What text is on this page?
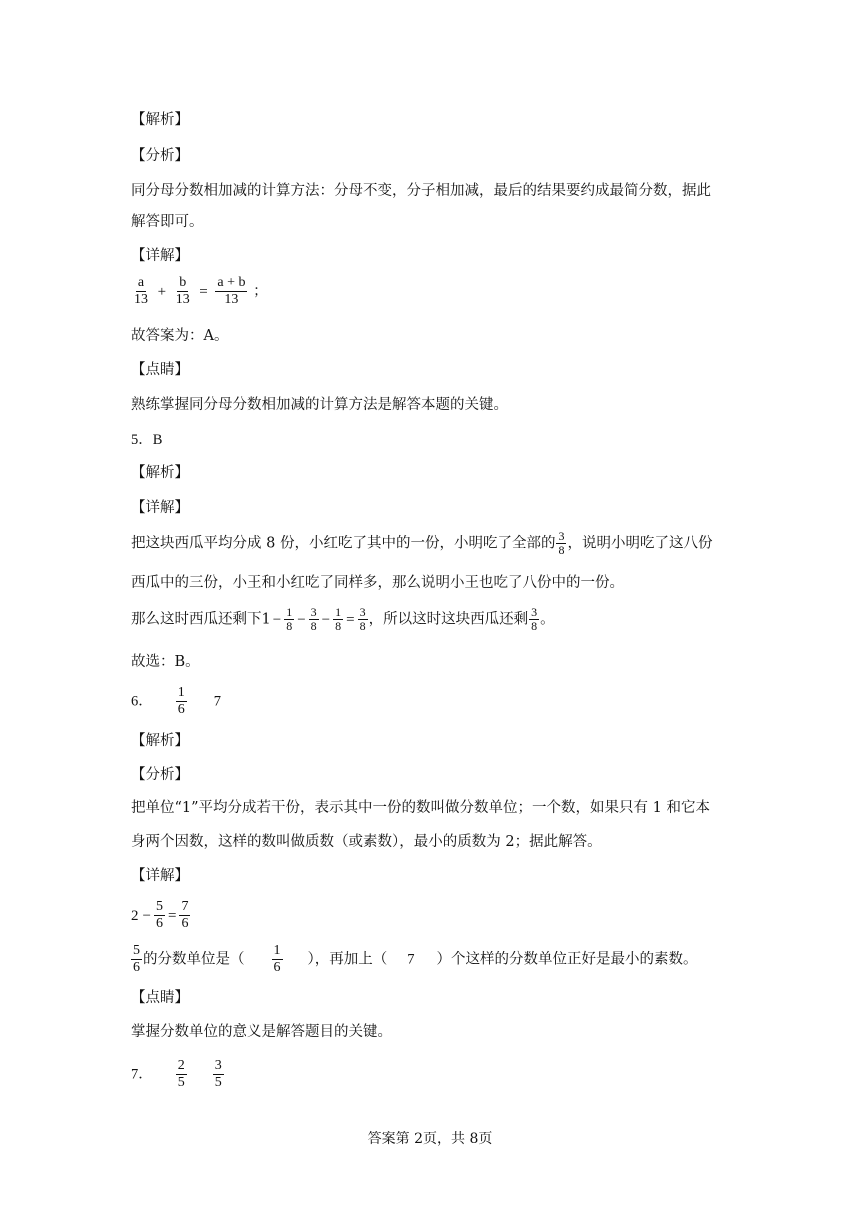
【解析】
【分析】
同分母分数相加减的计算方法：分母不变，分子相加减，最后的结果要约成最简分数，据此
解答即可。
【详解】
$\frac{a}{13} + \frac{b}{13} = \frac{a + b}{13}$ ；
故答案为：A。
【点睛】
熟练掌握同分母分数相加减的计算方法是解答本题的关键。
5．B
【解析】
【详解】
把这块西瓜平均分成 8 份，小红吃了其中的一份，小明吃了全部的 $\frac{3}{8}$ ，说明小明吃了这八份
西瓜中的三份，小王和小红吃了同样多，那么说明小王也吃了八份中的一份。
那么这时西瓜还剩下$1 - \frac{1}{8} - \frac{3}{8} - \frac{1}{8} = \frac{3}{8}$ ，所以这时这块西瓜还剩 $\frac{3}{8}$ 。
故选：B。
6． $\frac{1}{6} 7$
【解析】
【分析】
把单位“1”平均分成若干份，表示其中一份的数叫做分数单位；一个数，如果只有 1 和它本
身两个因数，这样的数叫做质数（或素数），最小的质数为 2；据此解答。
【详解】
$2 - \frac{5}{6} = \frac{7}{6}$
$\frac{5}{6}$ 的分数单位是（ $\frac{1}{6}$ ），再加上（ 7 ）个这样的分数单位正好是最小的素数。
【点睛】
掌握分数单位的意义是解答题目的关键。
7． $\frac{2}{5} \frac{3}{5}$
答案第 2页，共 8页
